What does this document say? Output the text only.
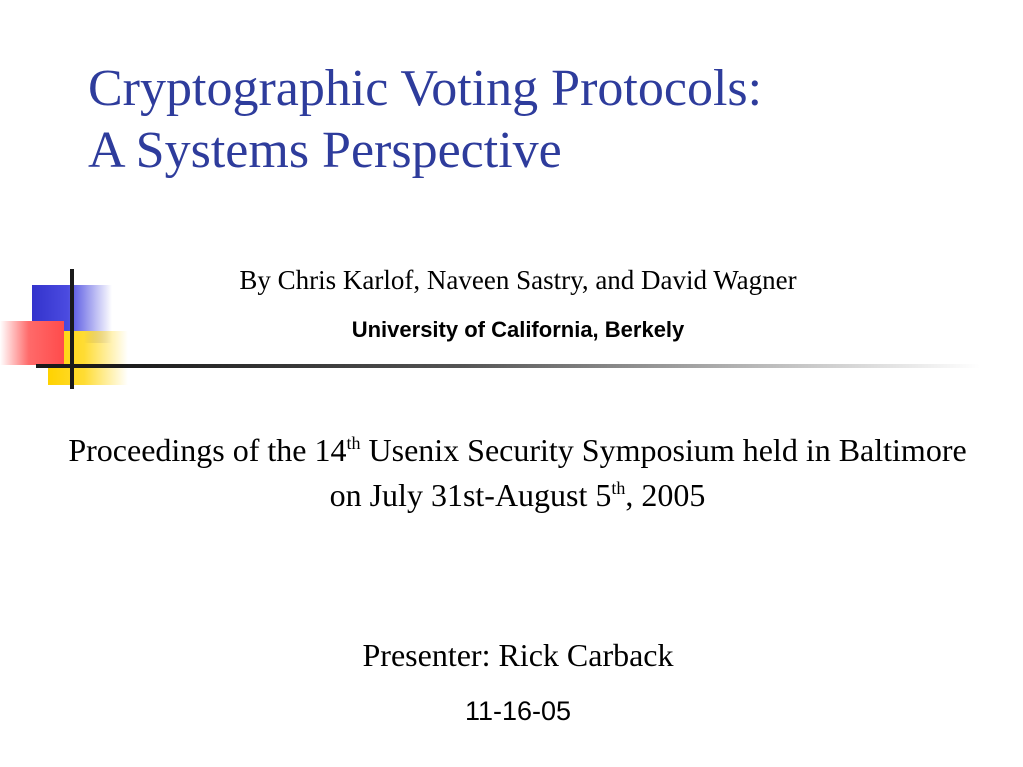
Cryptographic Voting Protocols:
A Systems Perspective
By Chris Karlof, Naveen Sastry, and David Wagner
University of California, Berkely
Proceedings of the 14th Usenix Security Symposium held in Baltimore on July 31st-August 5th, 2005
Presenter: Rick Carback
11-16-05
